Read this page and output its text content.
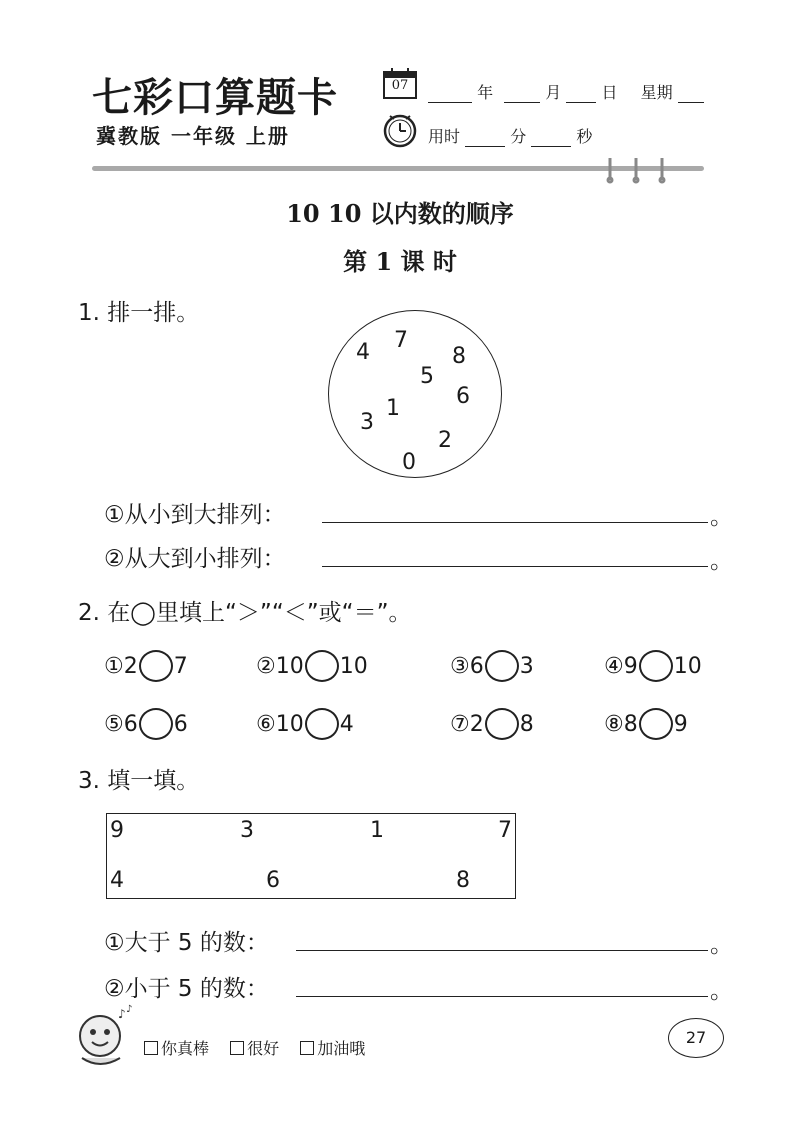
七彩口算题卡
冀教版 一年级 上册
07	年	月	日 星期
用时	分	秒
10 10 以内数的顺序
第 1 课 时
1. 排一排。
4 7
5
8
6
3
1
2
0
①从小到大排列：	。
②从大到小排列：	。
2. 在◯里填上“＞”“＜”或“＝”。
① 2 7	② 10 10	③ 6 3	④ 9 10
⑤ 6 6	⑥ 10 4	⑦ 2 8	⑧ 8 9
3. 填一填。
9	3	1	7
4	6	8
①大于 5 的数：	。
②小于 5 的数：	。
♪ ♪
你真棒 很好 加油哦
27
